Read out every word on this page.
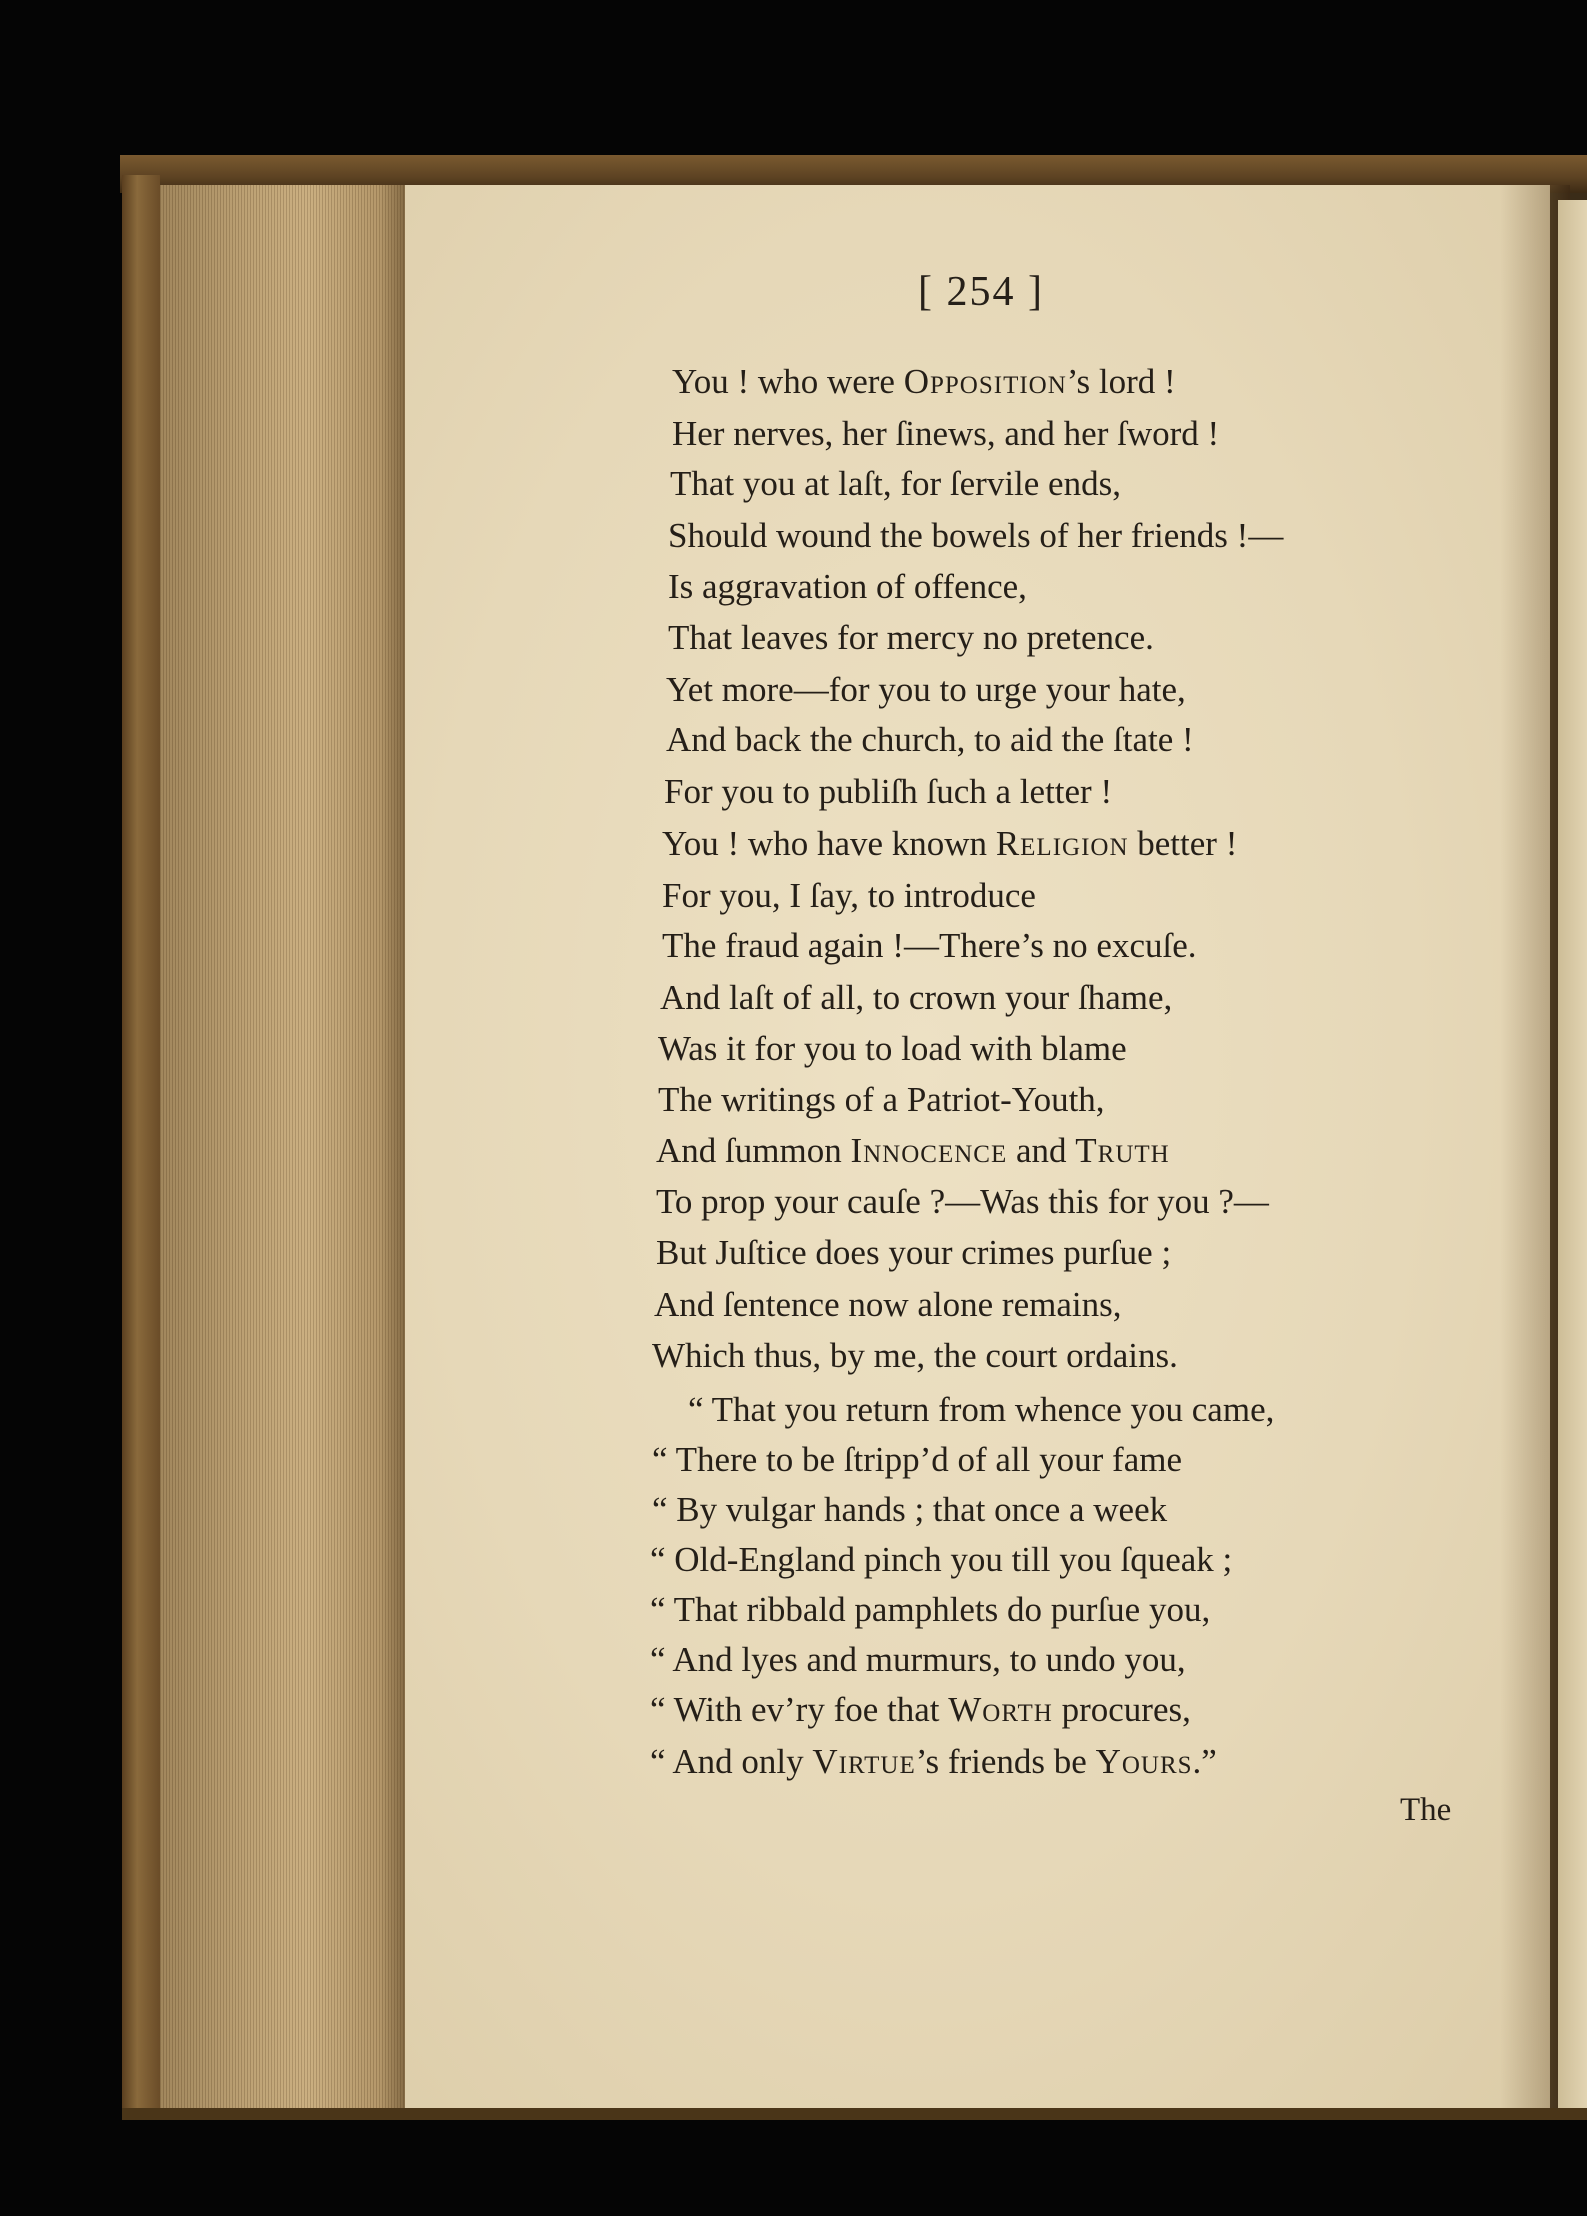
[ 254 ]
You ! who were Opposition’s lord !
Her nerves, her ſinews, and her ſword !
That you at laſt, for ſervile ends,
Should wound the bowels of her friends !—
Is aggravation of offence,
That leaves for mercy no pretence.
Yet more—for you to urge your hate,
And back the church, to aid the ſtate !
For you to publiſh ſuch a letter !
You ! who have known Religion better !
For you, I ſay, to introduce
The fraud again !—There’s no excuſe.
And laſt of all, to crown your ſhame,
Was it for you to load with blame
The writings of a Patriot-Youth,
And ſummon Innocence and Truth
To prop your cauſe ?—Was this for you ?—
But Juſtice does your crimes purſue ;
And ſentence now alone remains,
Which thus, by me, the court ordains.
“ That you return from whence you came,
“ There to be ſtripp’d of all your fame
“ By vulgar hands ; that once a week
“ Old-England pinch you till you ſqueak ;
“ That ribbald pamphlets do purſue you,
“ And lyes and murmurs, to undo you,
“ With ev’ry foe that Worth procures,
“ And only Virtue’s friends be Yours.”
The
